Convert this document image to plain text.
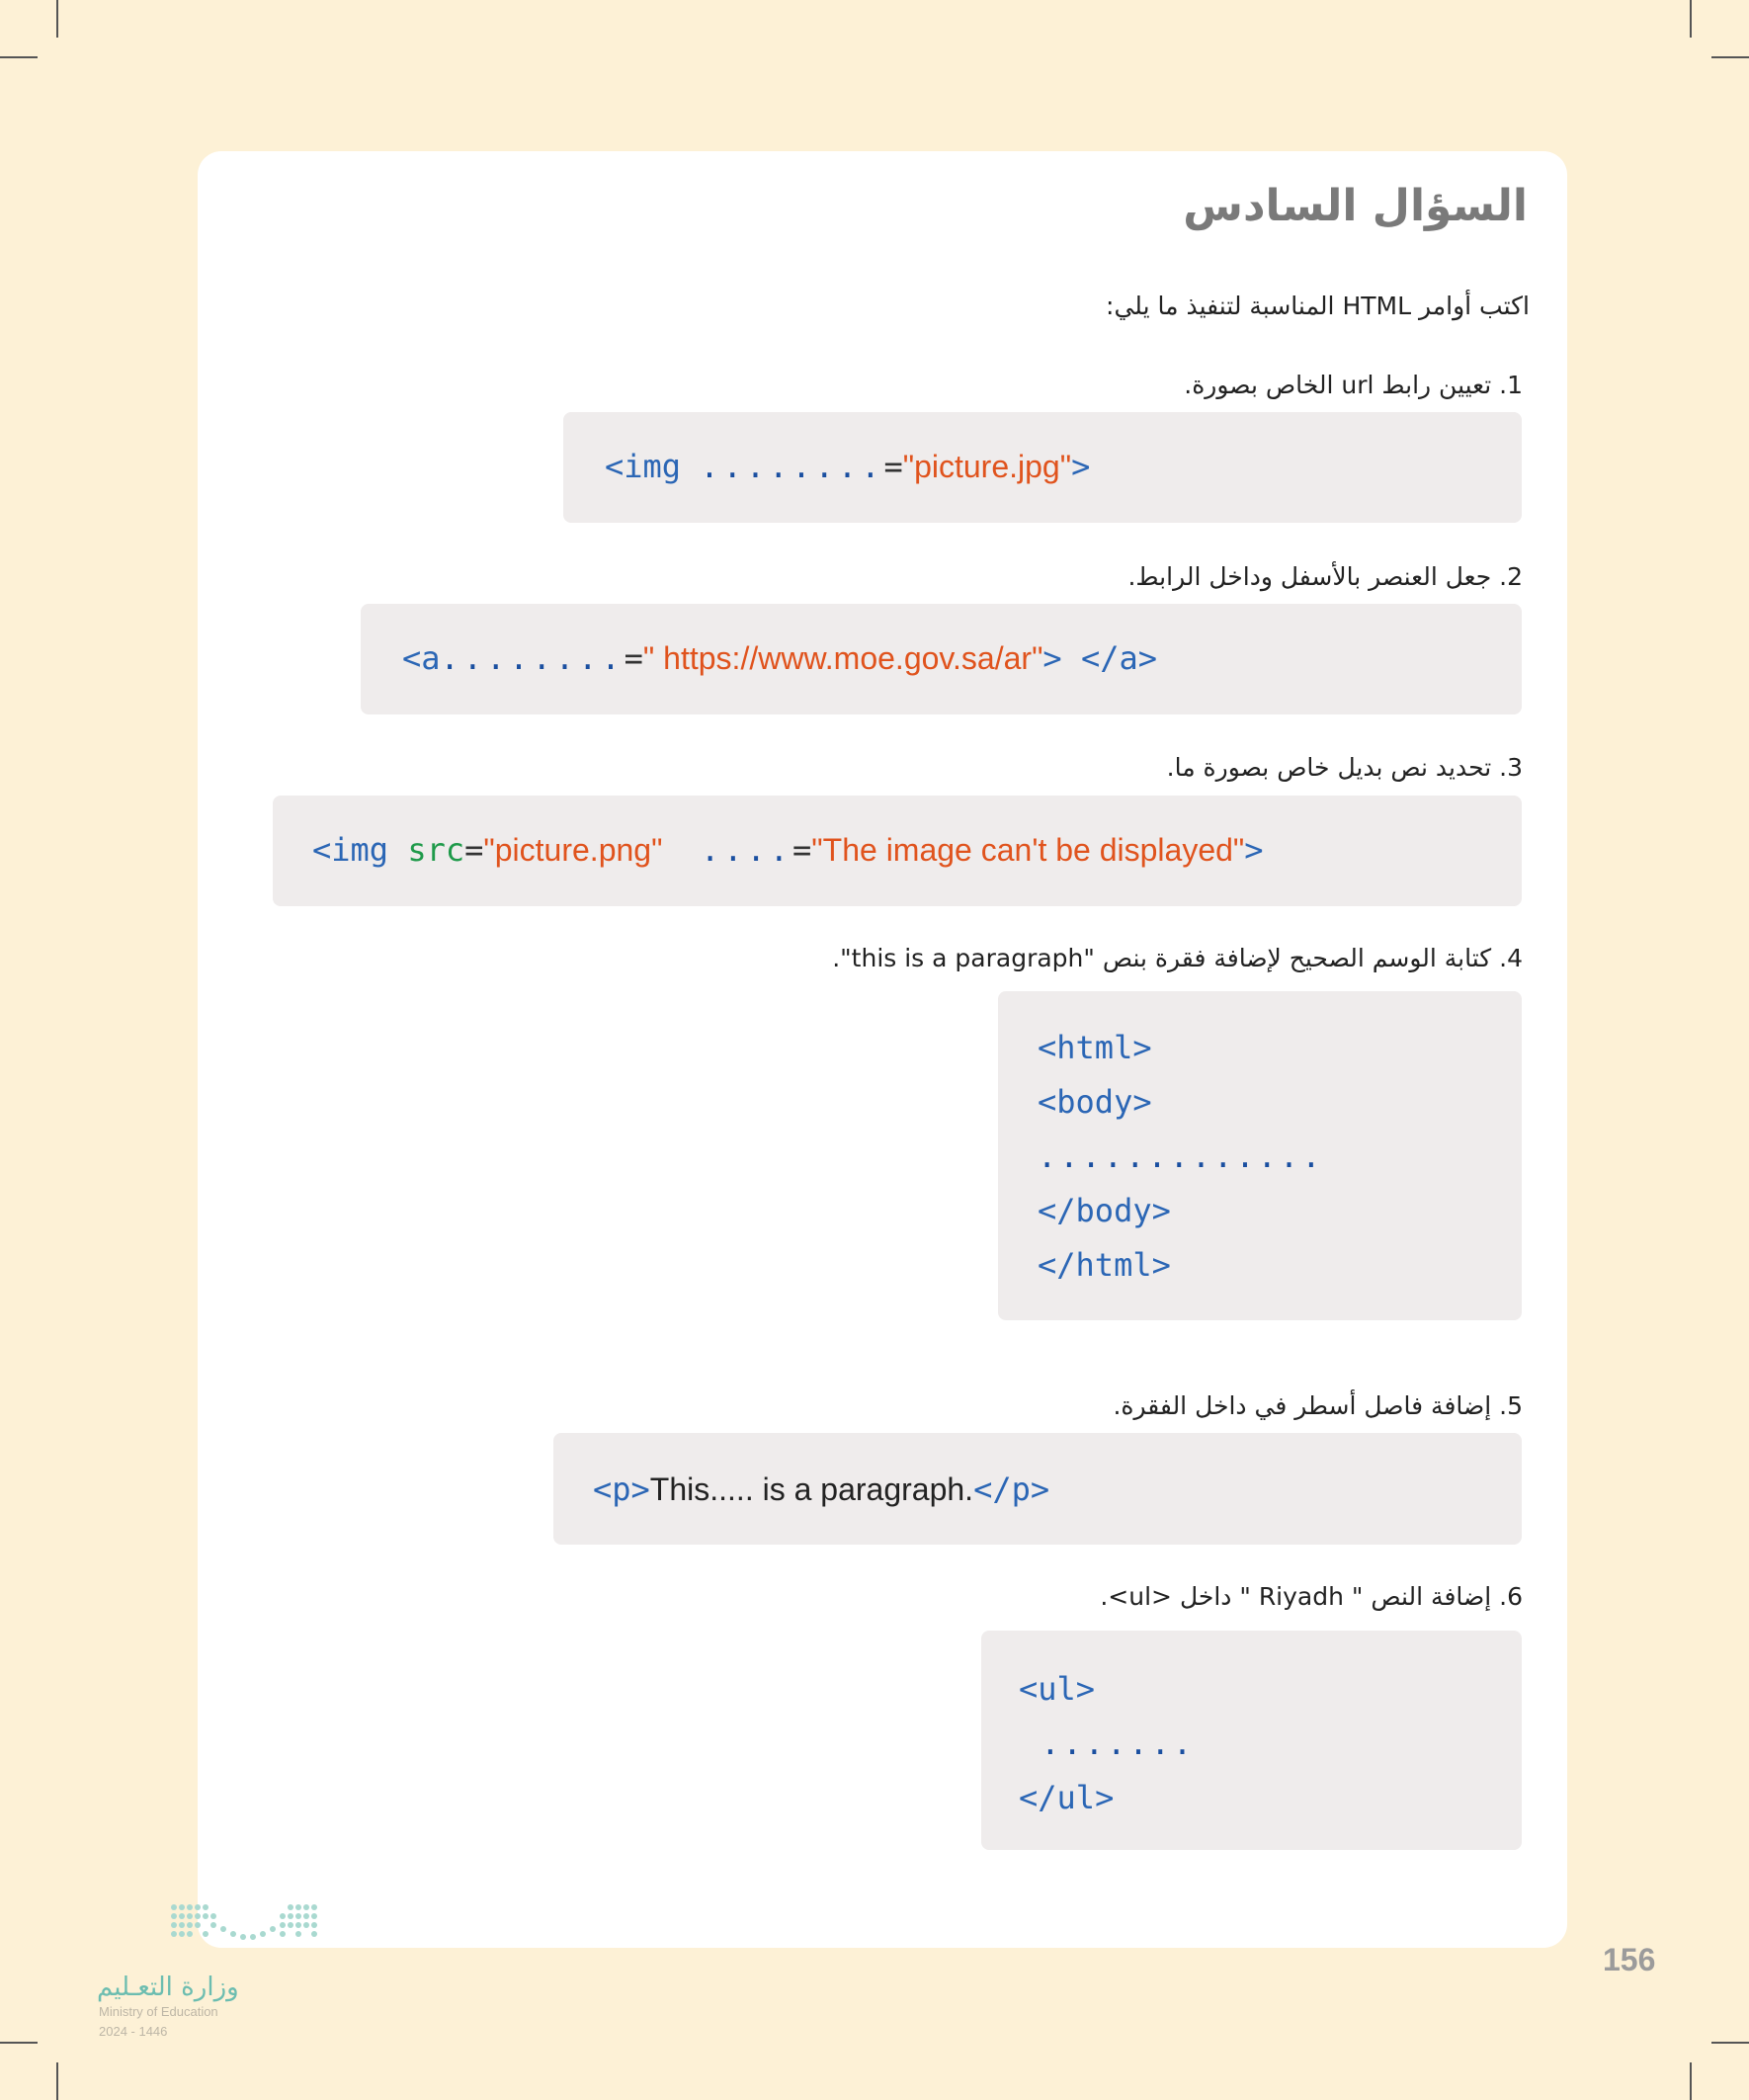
السؤال السادس

اكتب أوامر HTML المناسبة لتنفيذ ما يلي:

1. تعيين رابط url الخاص بصورة.

<img ........="picture.jpg">

2. جعل العنصر بالأسفل وداخل الرابط.

<a........=" https://www.moe.gov.sa/ar"> </a>

3. تحديد نص بديل خاص بصورة ما.

<img src="picture.png" ....="The image can't be displayed">

4. كتابة الوسم الصحيح لإضافة فقرة بنص "this is a paragraph".

<html>
<body>
.............
</body>
</html>

5. إضافة فاصل أسطر في داخل الفقرة.

<p>This..... is a paragraph.</p>

6. إضافة النص " Riyadh " داخل <ul>.

<ul>
.......
</ul>
وزارة التعـليم
Ministry of Education
2024 - 1446
156
